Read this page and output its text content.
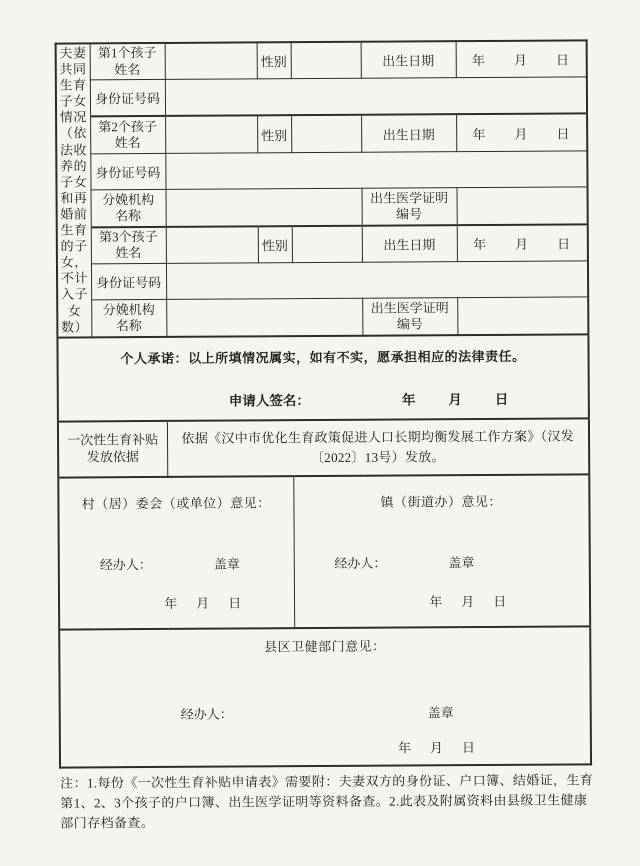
夫妻
共同
生育
子女
情况
（依
法收
养的
子女
和再
婚前
生育
的子
女，
不计
入子
女
数）
	第1个孩子
姓名		性别		出生日期	年　　月　　日
	身份证号码					
	第2个孩子
姓名		性别		出生日期	年　　月　　日
	身份证号码					
	分娩机构
名称				出生医学证明
编号	
	第3个孩子
姓名		性别		出生日期	年　　月　　日
	身份证号码					
	分娩机构
名称				出生医学证明
编号	

个人承诺：以上所填情况属实，如有不实，愿承担相应的法律责任。
申请人签名： 年　　月　　日						

一次性生育补贴
发放依据		依据《汉中市优化生育政策促进人口长期均衡发展工作方案》（汉发〔2022〕13号）发放。				

村（居）委会（或单位）意见：
经办人：	盖章
年　月　日

镇（街道办）意见：
经办人：	盖章
年　月　日

县区卫健部门意见：
经办人： 盖章
年　月　日						
注：1.每份《一次性生育补贴申请表》需要附：夫妻双方的身份证、户口簿、结婚证，生育第1、2、3个孩子的户口簿、出生医学证明等资料备查。2.此表及附属资料由县级卫生健康部门存档备查。
